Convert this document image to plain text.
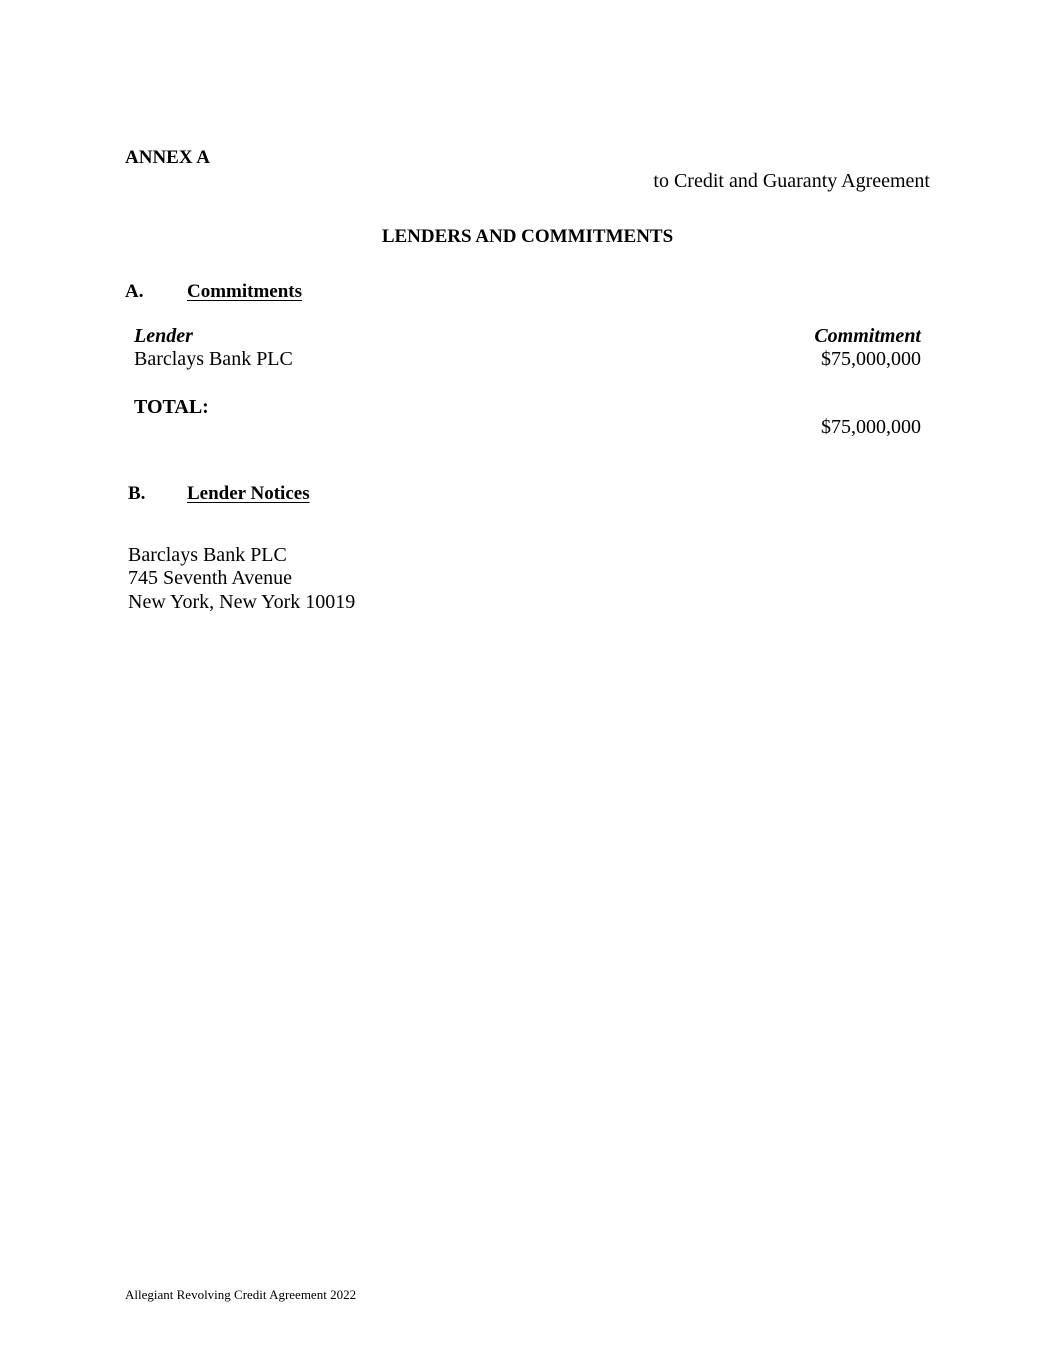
ANNEX A
to Credit and Guaranty Agreement
LENDERS AND COMMITMENTS
A. Commitments
Lender	Commitment
Barclays Bank PLC	$75,000,000
TOTAL:
$75,000,000
B. Lender Notices
Barclays Bank PLC
745 Seventh Avenue
New York, New York 10019
Allegiant Revolving Credit Agreement 2022
